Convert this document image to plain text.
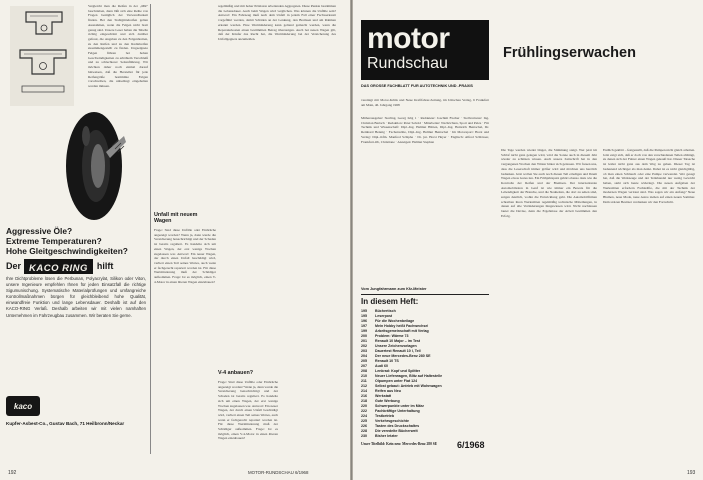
Vergleicht man die Reifen in der „MR" beschrieben, dann läßt sich eine Reihe von Fragen bezüglich der Verwendbarkeit finden. Bei den Stahlgürtelreifen gelten Ausnahmen, wenn die Felgen nicht breit genug sind. Unsere Leser haben die Tabelle richtig eingeschätzt und sich darüber gefreut, die Angaben zu den Felgenbreiten, zu den Reifen und zu den Radialreifen zusammengestellt zu finden. Ungeeignete Felgen führen bei hohen Geschwindigkeiten zu erhöhtem Verschleiß und zu schlechterer Seitenführung. Wir möchten daher noch einmal darauf hinweisen, daß die Hersteller für jede Reifengröße bestimmte Felgen vorschreiben, die unbedingt eingehalten werden müssen.
Aggressive Öle?
Extreme Temperaturen?
Hohe Gleitgeschwindigkeiten?
Der KACO RING	hilft
Ihre Dichtprobleme lösen die Perbunan, Polyacrylat, Silikon oder Viton, unsere Ingenieure empfehlen Ihnen für jeden Einsatzfall die richtige Sigumunischung. Systematische Materialprüfungen und umfangreiche Kontrollmaßnahmen bürgen für gleichbleibend hohe Qualität, einwandfreie Funktion und lange Lebensdauer. Deshalb ist auf den KACO-RING Verlaß. Deshalb arbeiten wir mit vielen namhaften Unternehmen im Fahrzeugbau zusammen. Wir beraten Sie gerne.
kaco
Kupfer-Asbest-Co., Gustav Bach, 71 Heilbronn/Neckar
Unfall mit neuem Wagen
Frage: Sind diese Unfälle oder Einbrüche angezeigt worden? Wenn ja, dann wurde die Versicherung benachrichtigt und der Schaden ist bereits reguliert. Es handelte sich um einen Wagen, der erst wenige Wochen zugelassen war. Antwort: Ein neuer Wagen, der durch einen Unfall beschädigt wird, verliert einen Teil seines Wertes, auch wenn er fachgerecht repariert worden ist. Für diese Wertminderung muß der Schädiger aufkommen. Frage: Ist es möglich, einen V-4-Motor in einen älteren Wagen einzubauen?
V-4 anbauen?
regelmäßig und mit hoher Präzision arbeitenden Aggregaten. Diese Punkte bestimmen die Lebensdauer. Auch beim Wagen wird verglichen. Was können die Unfälle sein? Antwort: Ein Fahrzeug muß nach dem Unfall in jedem Fall einer Fachwerkstatt vorgeführt werden, damit Schäden an der Lenkung, den Bremsen und am Rahmen erkannt werden. Eine Wertminderung kann geltend gemacht werden, wenn die Reparaturkosten einen bestimmten Betrag übersteigen. Auch bei neuen Wagen gilt, daß der Käufer das Recht hat, die Wertminderung bei der Versicherung des Unfallgegners anzumelden.
Frage: Sind diese Unfälle oder Einbrüche angezeigt worden? Wenn ja, dann wurde die Versicherung benachrichtigt und der Schaden ist bereits reguliert. Es handelte sich um einen Wagen, der erst wenige Wochen zugelassen war. Antwort: Ein neuer Wagen, der durch einen Unfall beschädigt wird, verliert einen Teil seines Wertes, auch wenn er fachgerecht repariert worden ist. Für diese Wertminderung muß der Schädiger aufkommen. Frage: Ist es möglich, einen V-4-Motor in einen älteren Wagen einzubauen?
192	MOTOR-RUNDSCHAU 6/1968
motor
Rundschau
DAS GROSSE FACHBLATT FÜR AUTOTECHNIK UND -PRAXIS
vereinigt mit Motor-Kritik und Neue Kraftfahrer-Zeitung, im Umschau Verlag, 6 Frankfurt am Main, 46. Jahrgang 1968
Mitherausgeber: Sterling, Georg Isbg 1 · Redakteur: Joachim Fischer · Stellvertreter: Ing. Christian Bartsch · Redaktion: Peter Sebold · Mitarbeiter: Nachrichten, Sport und Pelze · Für Technik und Wissenschaft: Dipl.-Ing. Helmut Hütten, Dipl.-Ing. Heinrich Hentschel, Dr. Reinhard Hennig · Fachanwälte, Dipl.-Ing. Helmut Hentschel · Im Motorsport: Horst und Verlag: Dipl.-Kfm. Manfred Schiphe · Dr. jur. Horst Heyer · Englisch: Alfred Schlösser, Frankfurt-Ob, Christiane · Anzeigen: Helmut Stephan
Vom Jungfahrmann zum Kfz-Meister
In diesem Heft:
195	Büchertisch
195	Leserpost
196	Für die Wochenbeilage
197	Mein Hobby heißt Fachwechsel
199	Arbeitsgemeinschaft mit Verlag
200	Problem: Wärme 73
201	Renault 10 Major – im Test
202	Unsere Zeichenvorlagen
203	Dauertest Renault 10 I, Teil
204	Der neue Mercedes-Benz 280 SE
205	Renault 10 TS
207	Audi 60
208	Lenkrad: Kopf und Splitter
210	Neuer Lieferwagen, Blitz auf Haltestelle
211	Ölpumpen unter Fiat 124
212	Selbst gebaut: Antrieb mit Wohnwagen
214	Reifen aus Neu
216	Werkstatt
218	Gute Werbung
220	Schwerpunkte unter im März
222	Fachkräftige Unterhaltung
224	Testbetrieb
225	Verkehrsgeschichte
226	Tasten des Druckschaltes
228	Die veredelte Bücherwelt
230	Bisher letzter
Unser Titelbild: Kein neu: Mercedes-Benz 280 SE	6/1968
Frühlingserwachen
Die Tage werden wieder länger, die Stimmung steigt. Wer jetzt im Schlaf nicht ganz gelegen wird, wird die Sonne auch in diesem Jahr wieder zu schätzen wissen. Auch unsere Zeitschrift hat in den vergangenen Wochen den Winter hinter sich gelassen. Wir freuen uns, dass die Leserschaft immer größer wird und möchten uns herzlich bedanken. Jetzt wollen Sie auch noch diesen Teil erledigen und Ihrem Wagen etwas Gutes tun. Ein Frühjahrsputz gehört ebenso dazu wie die Kontrolle der Reifen und der Bremsen. Der internationale Automobilsalon in Genf ist wie immer ein Beweis für die Lebendigkeit der Branche, und die Neuheiten, die dort zu sehen sind, zeigen deutlich, wohin die Entwicklung geht. Die Automobilfirmen schreiben ihren Werkstätten regelmäßig technische Mitteilungen, in denen auf alle Veränderungen hingewiesen wird. Nicht nachlassen lautet die Devise, denn die Ergebnisse der Arbeit bestimmen den Erfolg.
Endlich geklärt – festgestellt, daß die Pumpen nicht gleich arbeiten. Jetzt zeigt sich, daß er doch von den verschiedenen Teilen abhängt, zu denen sich der Fahrer einen Wagen gekauft hat. Dieser Tatsache ist leider nicht ganz aus dem Weg zu gehen. Dieser Tag ist bedeutend wichtiger als man denkt. Dabei ist es nicht gleichgültig, ob man einen Schlauch oder eine Pumpe verwendet. Wer gesagt hat, daß die Werkzeuge und der Teilehandel nur wenig Gewicht haben, sieht sich heute widerlegt. Die neuen Aufgaben der Werkstätten erfordern Fachkräfte, die mit der Technik der modernen Wagen vertraut sind. Was sagen wir ein Anfang? Neue Blumen, neue Mode, neue Autos ziehen auf einen neuen Sommer. Dem stolzen Besitzer verdanken wir den Fortschritt.
193
